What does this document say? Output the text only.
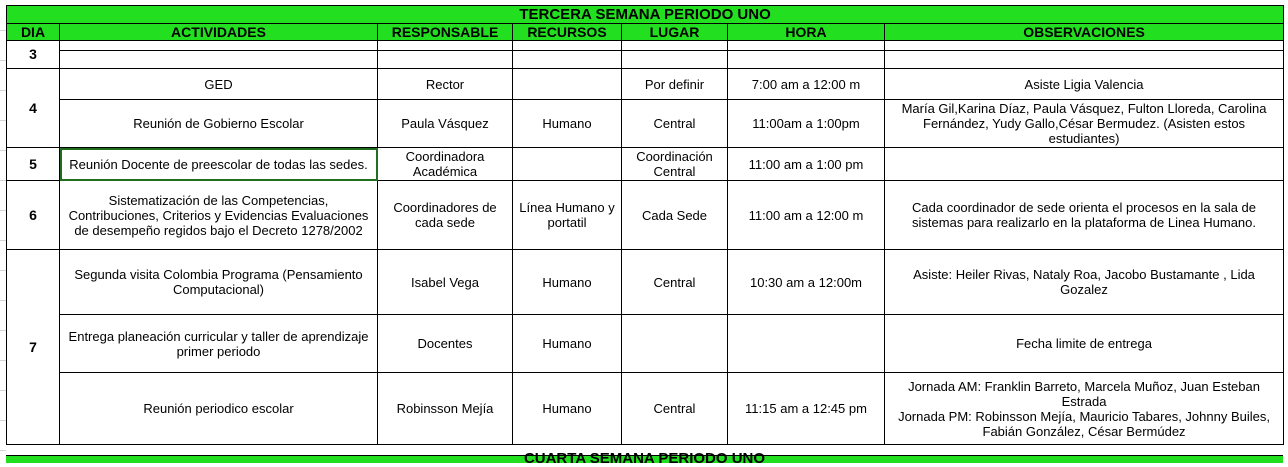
TERCERA SEMANA PERIODO UNO						
DIA	ACTIVIDADES	RESPONSABLE	RECURSOS	LUGAR	HORA	OBSERVACIONES
3						

4	GED	Rector		Por definir	7:00 am a 12:00 m	Asiste Ligia Valencia
	Reunión de Gobierno Escolar	Paula Vásquez	Humano	Central	11:00am a 1:00pm	María Gil,Karina Díaz, Paula Vásquez, Fulton Lloreda, Carolina Fernández, Yudy Gallo,César Bermudez. (Asisten estos estudiantes)
5	Reunión Docente de preescolar de todas las sedes.	Coordinadora Académica		Coordinación Central	11:00 am a 1:00 pm	
6	Sistematización de las Competencias, Contribuciones, Criterios y Evidencias Evaluaciones de desempeño regidos bajo el Decreto 1278/2002	Coordinadores de cada sede	Línea Humano y portatil	Cada Sede	11:00 am a 12:00 m	Cada coordinador de sede orienta el procesos en la sala de sistemas para realizarlo en la plataforma de Linea Humano.
7	Segunda visita Colombia Programa (Pensamiento Computacional)	Isabel Vega	Humano	Central	10:30 am a 12:00m	Asiste: Heiler Rivas, Nataly Roa, Jacobo Bustamante , Lida Gozalez
	Entrega planeación curricular y taller de aprendizaje primer periodo	Docentes	Humano			Fecha limite de entrega
	Reunión periodico escolar	Robinsson Mejía	Humano	Central	11:15 am a 12:45 pm	Jornada AM: Franklin Barreto, Marcela Muñoz, Juan Esteban Estrada
Jornada PM: Robinsson Mejía, Mauricio Tabares, Johnny Builes, Fabián González, César Bermúdez
CUARTA SEMANA PERIODO UNO
